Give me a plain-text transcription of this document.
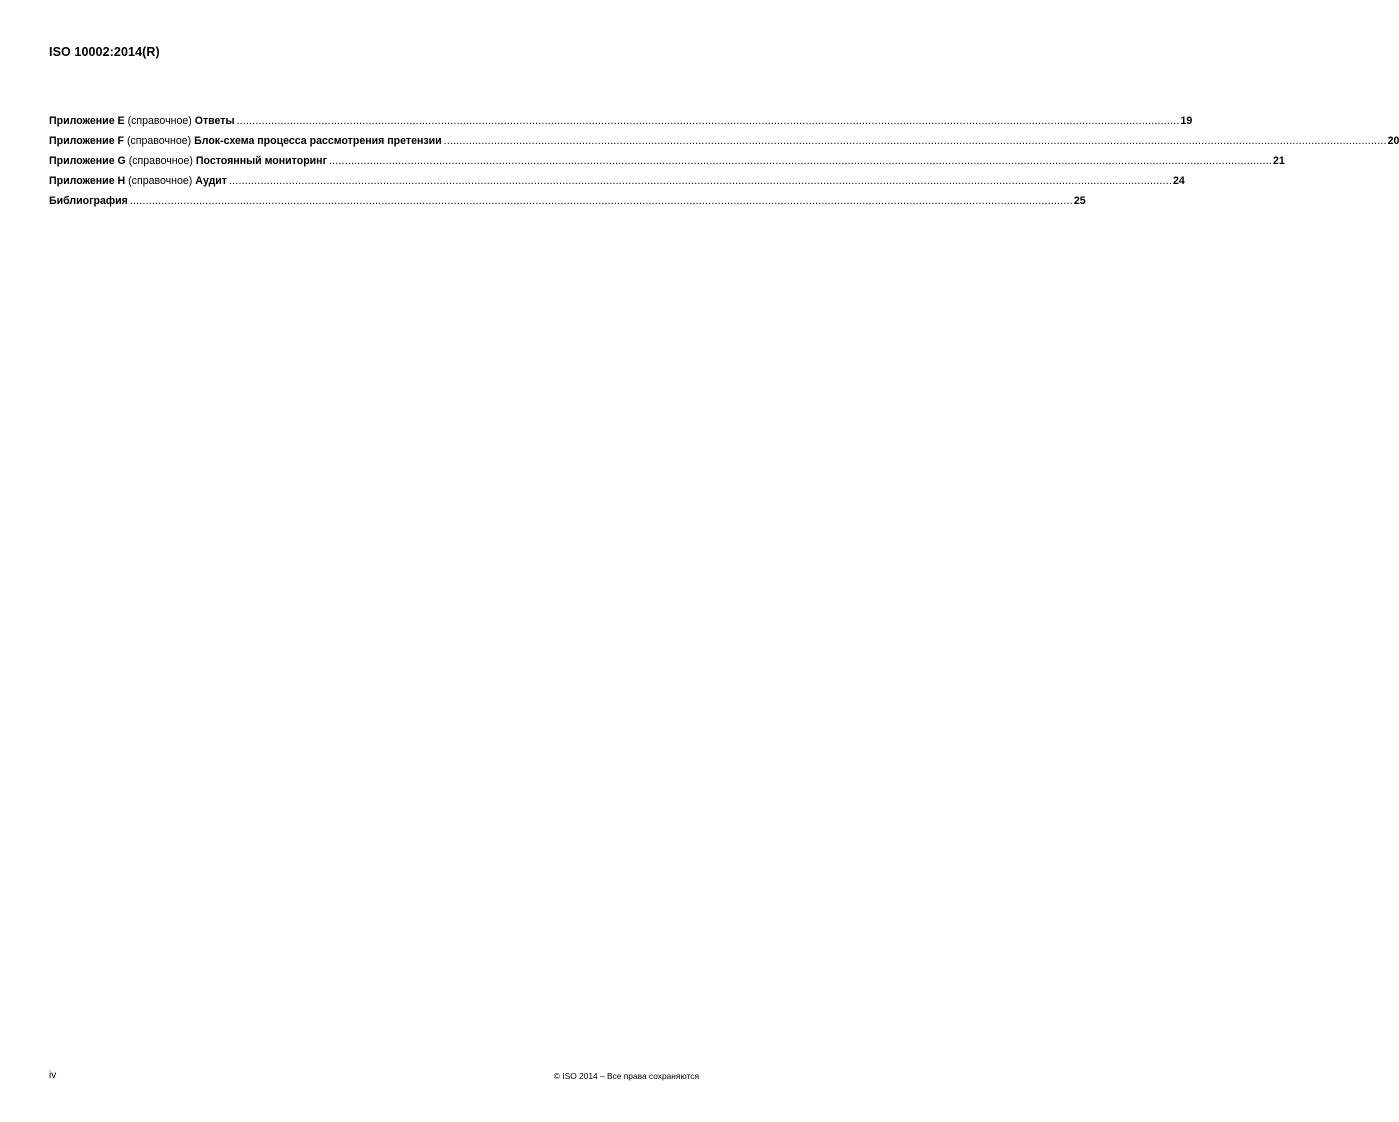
ISO 10002:2014(R)
Приложение E (справочное) Ответы ............................................................................................................................................................................................................................................................................................................ 19
Приложение F (справочное) Блок-схема процесса рассмотрения претензии ............................................................................................................................................................................................................................................................................................................ 20
Приложение G (справочное) Постоянный мониторинг ............................................................................................................................................................................................................................................................................................................ 21
Приложение H (справочное) Аудит ............................................................................................................................................................................................................................................................................................................ 24
Библиография ............................................................................................................................................................................................................................................................................................................ 25
iv	© ISO 2014 – Все права сохраняются
